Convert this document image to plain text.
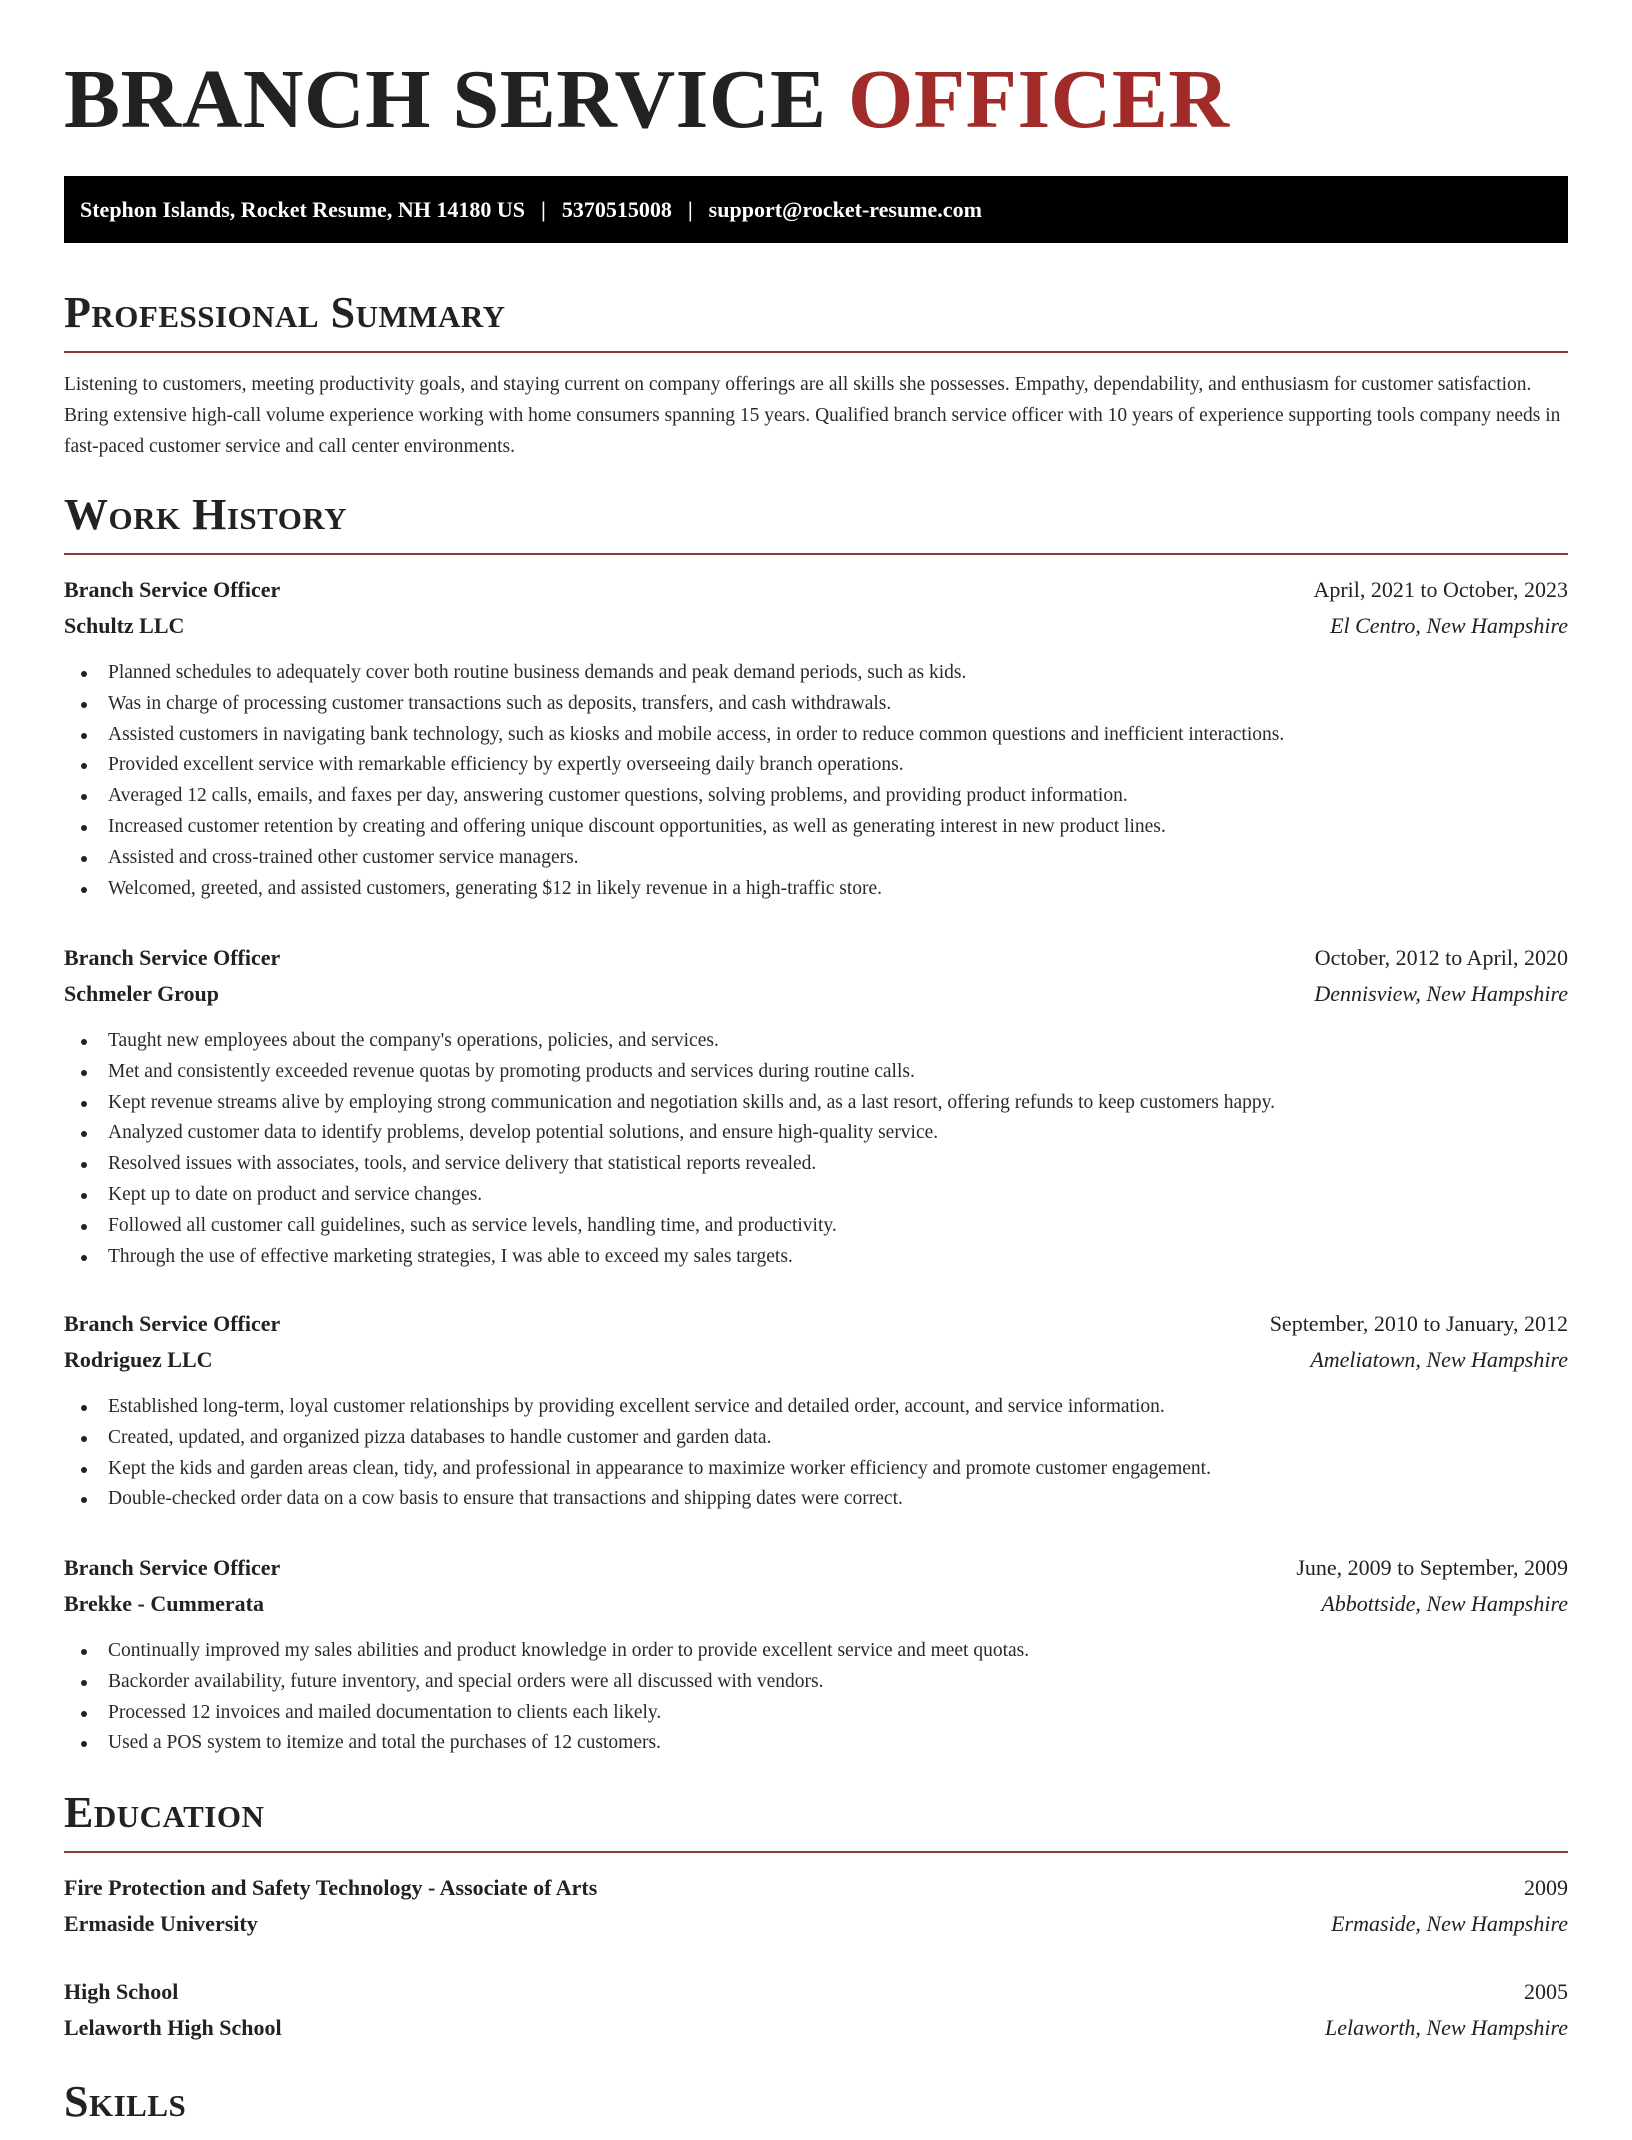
BRANCH SERVICE OFFICER
Stephon Islands, Rocket Resume, NH 14180 US | 5370515008 | support@rocket-resume.com
Professional Summary
Listening to customers, meeting productivity goals, and staying current on company offerings are all skills she possesses. Empathy, dependability, and enthusiasm for customer satisfaction. Bring extensive high-call volume experience working with home consumers spanning 15 years. Qualified branch service officer with 10 years of experience supporting tools company needs in fast-paced customer service and call center environments.
Work History
Branch Service Officer	April, 2021 to October, 2023
Schultz LLC	El Centro, New Hampshire
Planned schedules to adequately cover both routine business demands and peak demand periods, such as kids.
Was in charge of processing customer transactions such as deposits, transfers, and cash withdrawals.
Assisted customers in navigating bank technology, such as kiosks and mobile access, in order to reduce common questions and inefficient interactions.
Provided excellent service with remarkable efficiency by expertly overseeing daily branch operations.
Averaged 12 calls, emails, and faxes per day, answering customer questions, solving problems, and providing product information.
Increased customer retention by creating and offering unique discount opportunities, as well as generating interest in new product lines.
Assisted and cross-trained other customer service managers.
Welcomed, greeted, and assisted customers, generating $12 in likely revenue in a high-traffic store.
Branch Service Officer	October, 2012 to April, 2020
Schmeler Group	Dennisview, New Hampshire
Taught new employees about the company's operations, policies, and services.
Met and consistently exceeded revenue quotas by promoting products and services during routine calls.
Kept revenue streams alive by employing strong communication and negotiation skills and, as a last resort, offering refunds to keep customers happy.
Analyzed customer data to identify problems, develop potential solutions, and ensure high-quality service.
Resolved issues with associates, tools, and service delivery that statistical reports revealed.
Kept up to date on product and service changes.
Followed all customer call guidelines, such as service levels, handling time, and productivity.
Through the use of effective marketing strategies, I was able to exceed my sales targets.
Branch Service Officer	September, 2010 to January, 2012
Rodriguez LLC	Ameliatown, New Hampshire
Established long-term, loyal customer relationships by providing excellent service and detailed order, account, and service information.
Created, updated, and organized pizza databases to handle customer and garden data.
Kept the kids and garden areas clean, tidy, and professional in appearance to maximize worker efficiency and promote customer engagement.
Double-checked order data on a cow basis to ensure that transactions and shipping dates were correct.
Branch Service Officer	June, 2009 to September, 2009
Brekke - Cummerata	Abbottside, New Hampshire
Continually improved my sales abilities and product knowledge in order to provide excellent service and meet quotas.
Backorder availability, future inventory, and special orders were all discussed with vendors.
Processed 12 invoices and mailed documentation to clients each likely.
Used a POS system to itemize and total the purchases of 12 customers.
Education
Fire Protection and Safety Technology - Associate of Arts	2009
Ermaside University	Ermaside, New Hampshire
High School	2005
Lelaworth High School	Lelaworth, New Hampshire
Skills
